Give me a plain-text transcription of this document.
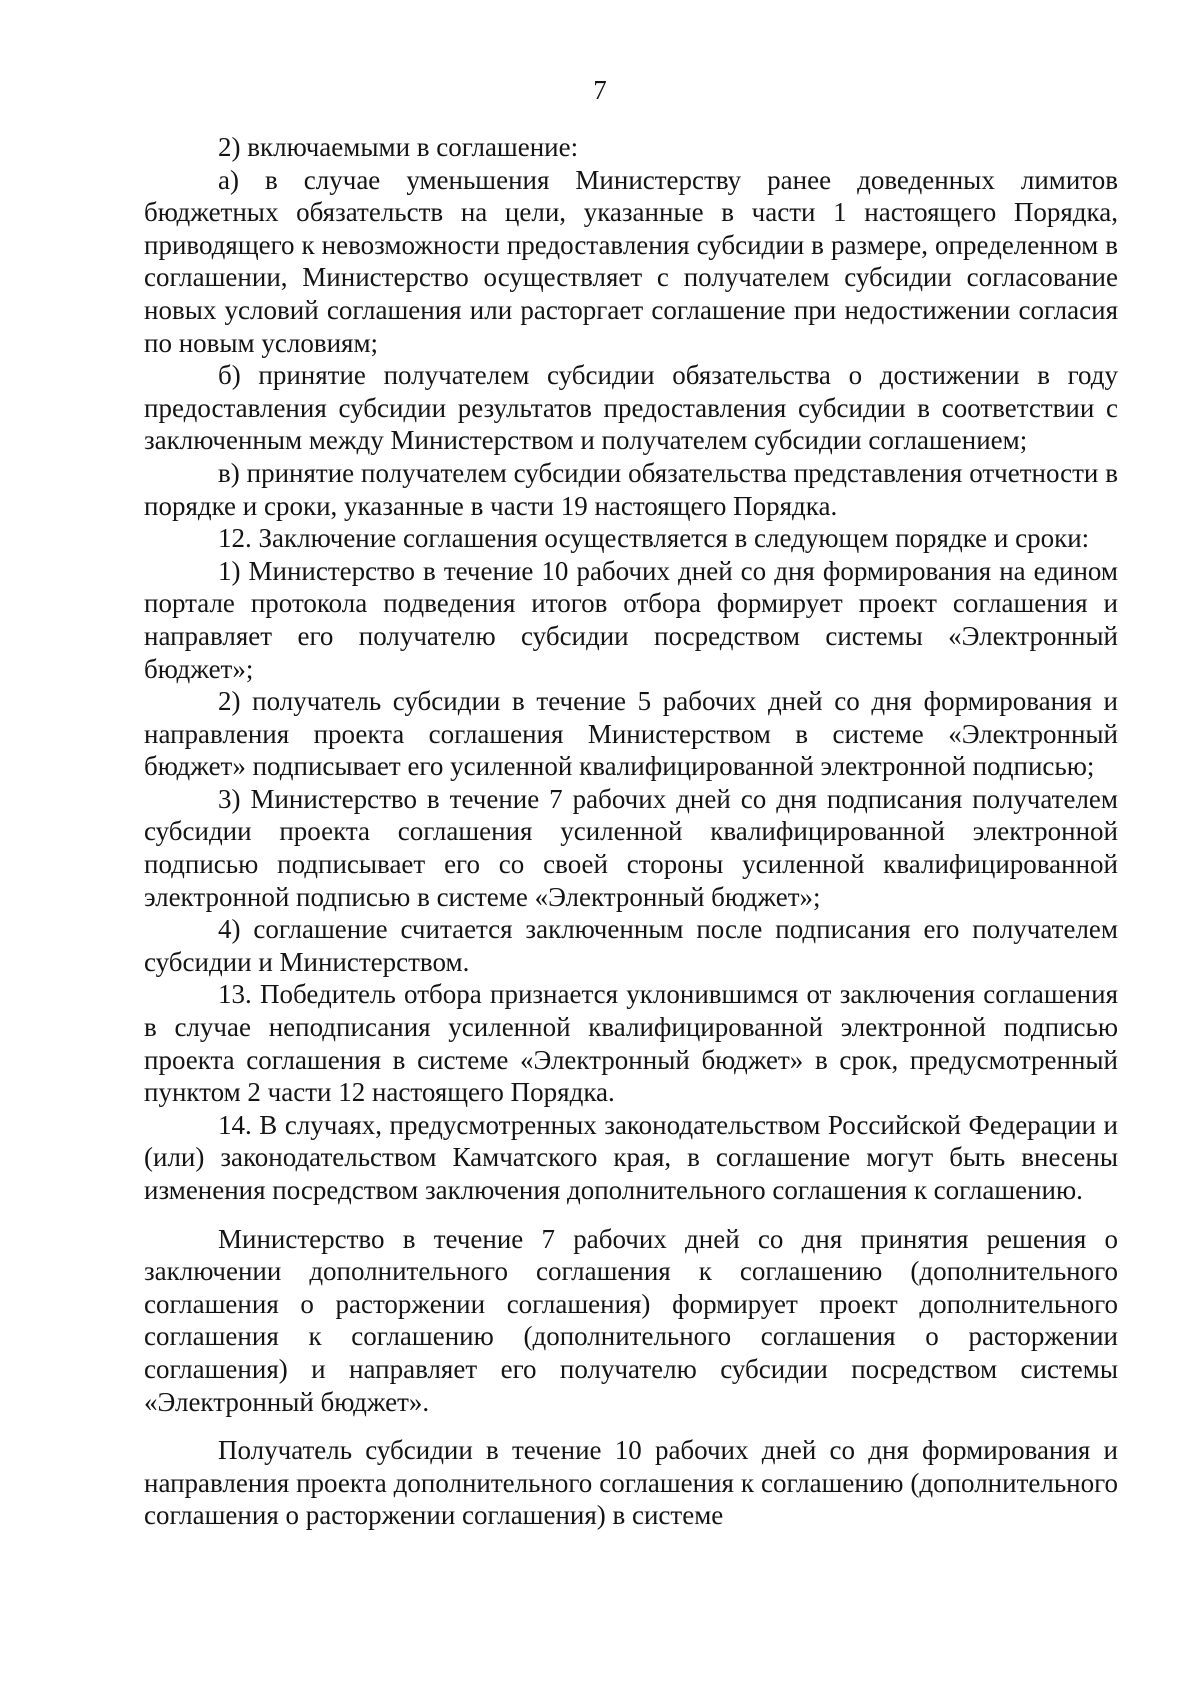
7

2) включаемыми в соглашение:

а) в случае уменьшения Министерству ранее доведенных лимитов бюджетных обязательств на цели, указанные в части 1 настоящего Порядка, приводящего к невозможности предоставления субсидии в размере, определенном в соглашении, Министерство осуществляет с получателем субсидии согласование новых условий соглашения или расторгает соглашение при недостижении согласия по новым условиям;

б) принятие получателем субсидии обязательства о достижении в году предоставления субсидии результатов предоставления субсидии в соответствии с заключенным между Министерством и получателем субсидии соглашением;

в) принятие получателем субсидии обязательства представления отчетности в порядке и сроки, указанные в части 19 настоящего Порядка.

12. Заключение соглашения осуществляется в следующем порядке и сроки:

1) Министерство в течение 10 рабочих дней со дня формирования на едином портале протокола подведения итогов отбора формирует проект соглашения и направляет его получателю субсидии посредством системы «Электронный бюджет»;

2) получатель субсидии в течение 5 рабочих дней со дня формирования и направления проекта соглашения Министерством в системе «Электронный бюджет» подписывает его усиленной квалифицированной электронной подписью;

3) Министерство в течение 7 рабочих дней со дня подписания получателем субсидии проекта соглашения усиленной квалифицированной электронной подписью подписывает его со своей стороны усиленной квалифицированной электронной подписью в системе «Электронный бюджет»;

4) соглашение считается заключенным после подписания его получателем субсидии и Министерством.

13. Победитель отбора признается уклонившимся от заключения соглашения в случае неподписания усиленной квалифицированной электронной подписью проекта соглашения в системе «Электронный бюджет» в срок, предусмотренный пунктом 2 части 12 настоящего Порядка.

14. В случаях, предусмотренных законодательством Российской Федерации и (или) законодательством Камчатского края, в соглашение могут быть внесены изменения посредством заключения дополнительного соглашения к соглашению.

Министерство в течение 7 рабочих дней со дня принятия решения о заключении дополнительного соглашения к соглашению (дополнительного соглашения о расторжении соглашения) формирует проект дополнительного соглашения к соглашению (дополнительного соглашения о расторжении соглашения) и направляет его получателю субсидии посредством системы «Электронный бюджет».

Получатель субсидии в течение 10 рабочих дней со дня формирования и направления проекта дополнительного соглашения к соглашению (дополнительного соглашения о расторжении соглашения) в системе
